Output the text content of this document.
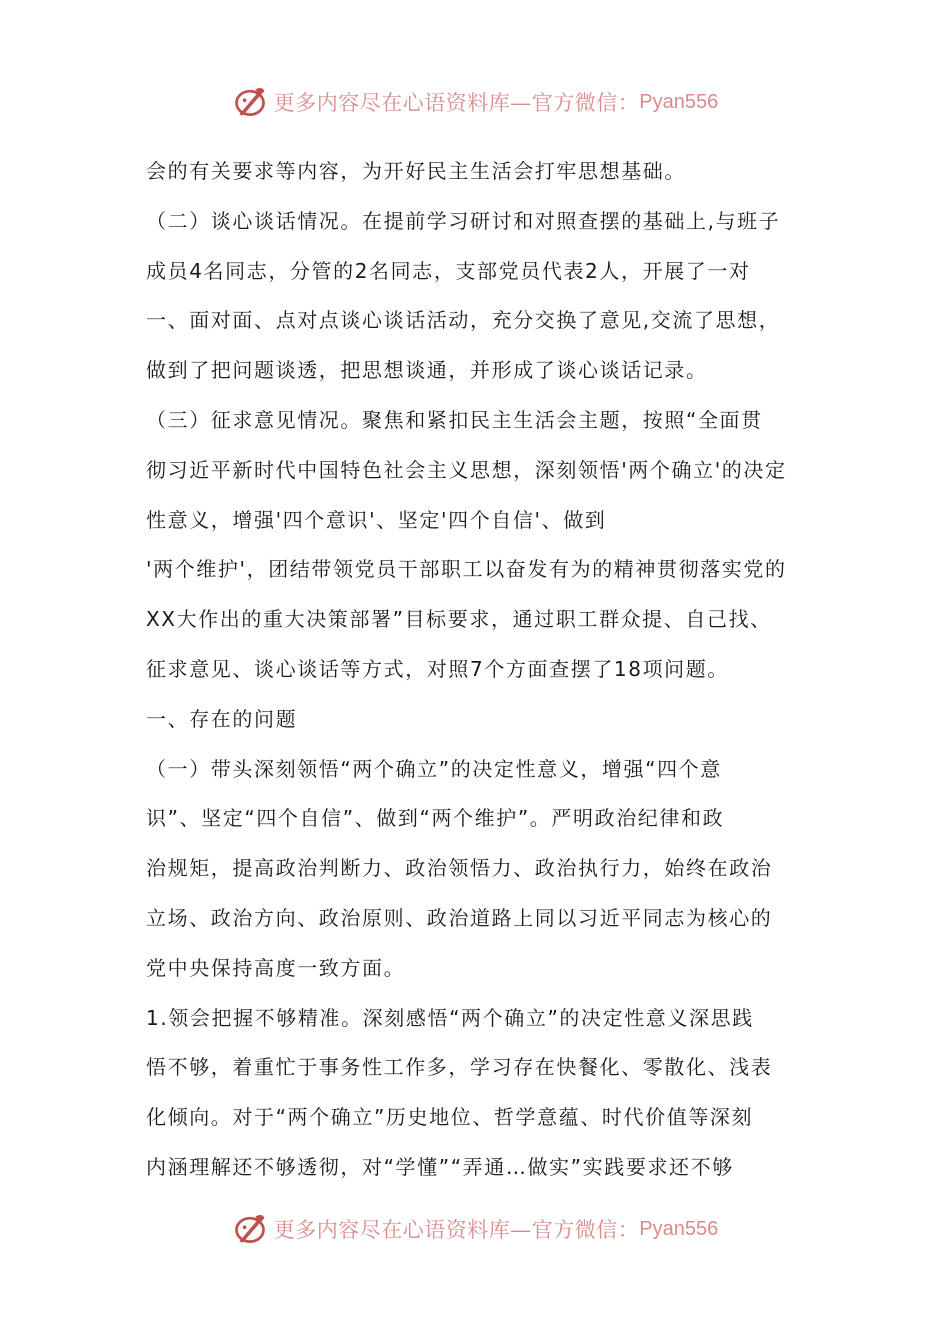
更多内容尽在心语资料库—官方微信： Pyan556
会的有关要求等内容，为开好民主生活会打牢思想基础。
（二）谈心谈话情况。在提前学习研讨和对照查摆的基础上,与班子
成员4名同志，分管的2名同志，支部党员代表2人，开展了一对
一、面对面、点对点谈心谈话活动，充分交换了意见,交流了思想，
做到了把问题谈透，把思想谈通，并形成了谈心谈话记录。
（三）征求意见情况。聚焦和紧扣民主生活会主题，按照“全面贯
彻习近平新时代中国特色社会主义思想，深刻领悟'两个确立'的决定
性意义，增强'四个意识'、坚定'四个自信'、做到
'两个维护'，团结带领党员干部职工以奋发有为的精神贯彻落实党的
XX大作出的重大决策部署”目标要求，通过职工群众提、自己找、
征求意见、谈心谈话等方式，对照7个方面查摆了18项问题。
一、存在的问题
（一）带头深刻领悟“两个确立”的决定性意义，增强“四个意
识”、坚定“四个自信”、做到“两个维护”。严明政治纪律和政
治规矩，提高政治判断力、政治领悟力、政治执行力，始终在政治
立场、政治方向、政治原则、政治道路上同以习近平同志为核心的
党中央保持高度一致方面。
1.领会把握不够精准。深刻感悟“两个确立”的决定性意义深思践
悟不够，着重忙于事务性工作多，学习存在快餐化、零散化、浅表
化倾向。对于“两个确立”历史地位、哲学意蕴、时代价值等深刻
内涵理解还不够透彻，对“学懂”“弄通…做实”实践要求还不够
更多内容尽在心语资料库—官方微信： Pyan556
